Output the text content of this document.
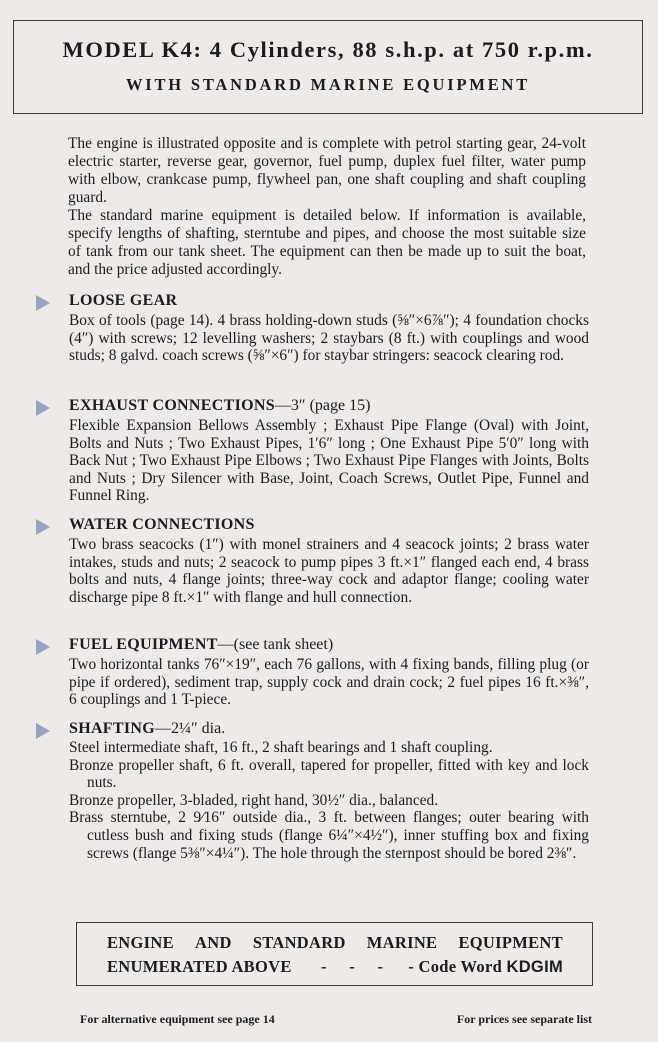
MODEL K4: 4 Cylinders, 88 s.h.p. at 750 r.p.m.
WITH STANDARD MARINE EQUIPMENT

The engine is illustrated opposite and is complete with petrol starting gear, 24-volt electric starter, reverse gear, governor, fuel pump, duplex fuel filter, water pump with elbow, crankcase pump, flywheel pan, one shaft coupling and shaft coupling guard.

The standard marine equipment is detailed below. If information is available, specify lengths of shafting, sterntube and pipes, and choose the most suitable size of tank from our tank sheet. The equipment can then be made up to suit the boat, and the price adjusted accordingly.

LOOSE GEAR

Box of tools (page 14). 4 brass holding-down studs (⅝″×6⅞″); 4 foundation chocks (4″) with screws; 12 levelling washers; 2 staybars (8 ft.) with couplings and wood studs; 8 galvd. coach screws (⅝″×6″) for staybar stringers: seacock clearing rod.

EXHAUST CONNECTIONS—3″ (page 15)

Flexible Expansion Bellows Assembly ; Exhaust Pipe Flange (Oval) with Joint, Bolts and Nuts ; Two Exhaust Pipes, 1′6″ long ; One Exhaust Pipe 5′0″ long with Back Nut ; Two Exhaust Pipe Elbows ; Two Exhaust Pipe Flanges with Joints, Bolts and Nuts ; Dry Silencer with Base, Joint, Coach Screws, Outlet Pipe, Funnel and Funnel Ring.

WATER CONNECTIONS

Two brass seacocks (1″) with monel strainers and 4 seacock joints; 2 brass water intakes, studs and nuts; 2 seacock to pump pipes 3 ft.×1″ flanged each end, 4 brass bolts and nuts, 4 flange joints; three-way cock and adaptor flange; cooling water discharge pipe 8 ft.×1″ with flange and hull connection.

FUEL EQUIPMENT—(see tank sheet)

Two horizontal tanks 76″×19″, each 76 gallons, with 4 fixing bands, filling plug (or pipe if ordered), sediment trap, supply cock and drain cock; 2 fuel pipes 16 ft.×⅜″, 6 couplings and 1 T-piece.

SHAFTING—2¼″ dia.

Steel intermediate shaft, 16 ft., 2 shaft bearings and 1 shaft coupling.

Bronze propeller shaft, 6 ft. overall, tapered for propeller, fitted with key and lock nuts.

Bronze propeller, 3-bladed, right hand, 30½″ dia., balanced.

Brass sterntube, 2 9⁄16″ outside dia., 3 ft. between flanges; outer bearing with cutless bush and fixing studs (flange 6¼″×4½″), inner stuffing box and fixing screws (flange 5⅜″×4¼″). The hole through the sternpost should be bored 2⅜″.

ENGINE AND STANDARD MARINE EQUIPMENT
ENUMERATED ABOVE - - - - Code Word KDGIM
For alternative equipment see page 14	For prices see separate list
